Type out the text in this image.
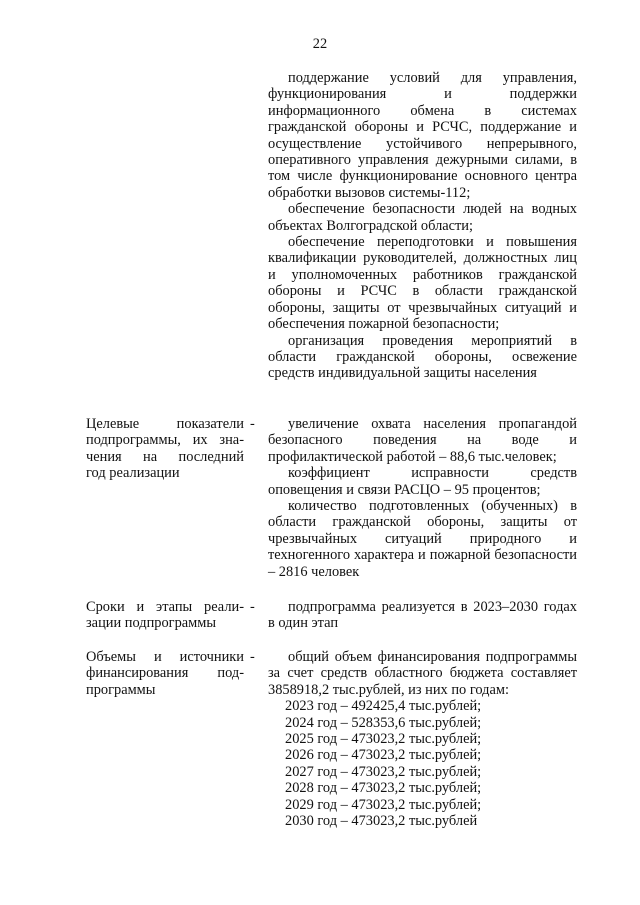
22

поддержание условий для управления, функционирования и поддержки информационного обмена в системах гражданской обороны и РСЧС, поддержание и осуществление устойчивого непрерывного, оперативного управления дежурными силами, в том числе функционирование основного центра обработки вызовов системы-112;

обеспечение безопасности людей на водных объектах Волгоградской области;

обеспечение переподготовки и повышения квалификации руководителей, должностных лиц и уполномоченных работников гражданской обороны и РСЧС в области гражданской обороны, защиты от чрезвычайных ситуаций и обеспечения пожарной безопасности;

организация проведения мероприятий в области гражданской обороны, освежение средств индивидуальной защиты населения

Целевые показатели
подпрограммы, их зна-
чения на последний
год реализации
-	увеличение охвата населения пропагандой безопасного поведения на воде и профилактической работой – 88,6 тыс.человек;

коэффициент исправности средств оповещения и связи РАСЦО – 95 процентов;

количество подготовленных (обученных) в области гражданской обороны, защиты от чрезвычайных ситуаций природного и техногенного характера и пожарной безопасности – 2816 человек

Сроки и этапы реали-
зации подпрограммы
-	подпрограмма реализуется в 2023–2030 годах в один этап

Объемы и источники
финансирования под-
программы
-	общий объем финансирования подпрограммы за счет средств областного бюджета составляет 3858918,2 тыс.рублей, из них по годам:

2023 год – 492425,4 тыс.рублей;
2024 год – 528353,6 тыс.рублей;
2025 год – 473023,2 тыс.рублей;
2026 год – 473023,2 тыс.рублей;
2027 год – 473023,2 тыс.рублей;
2028 год – 473023,2 тыс.рублей;
2029 год – 473023,2 тыс.рублей;
2030 год – 473023,2 тыс.рублей
